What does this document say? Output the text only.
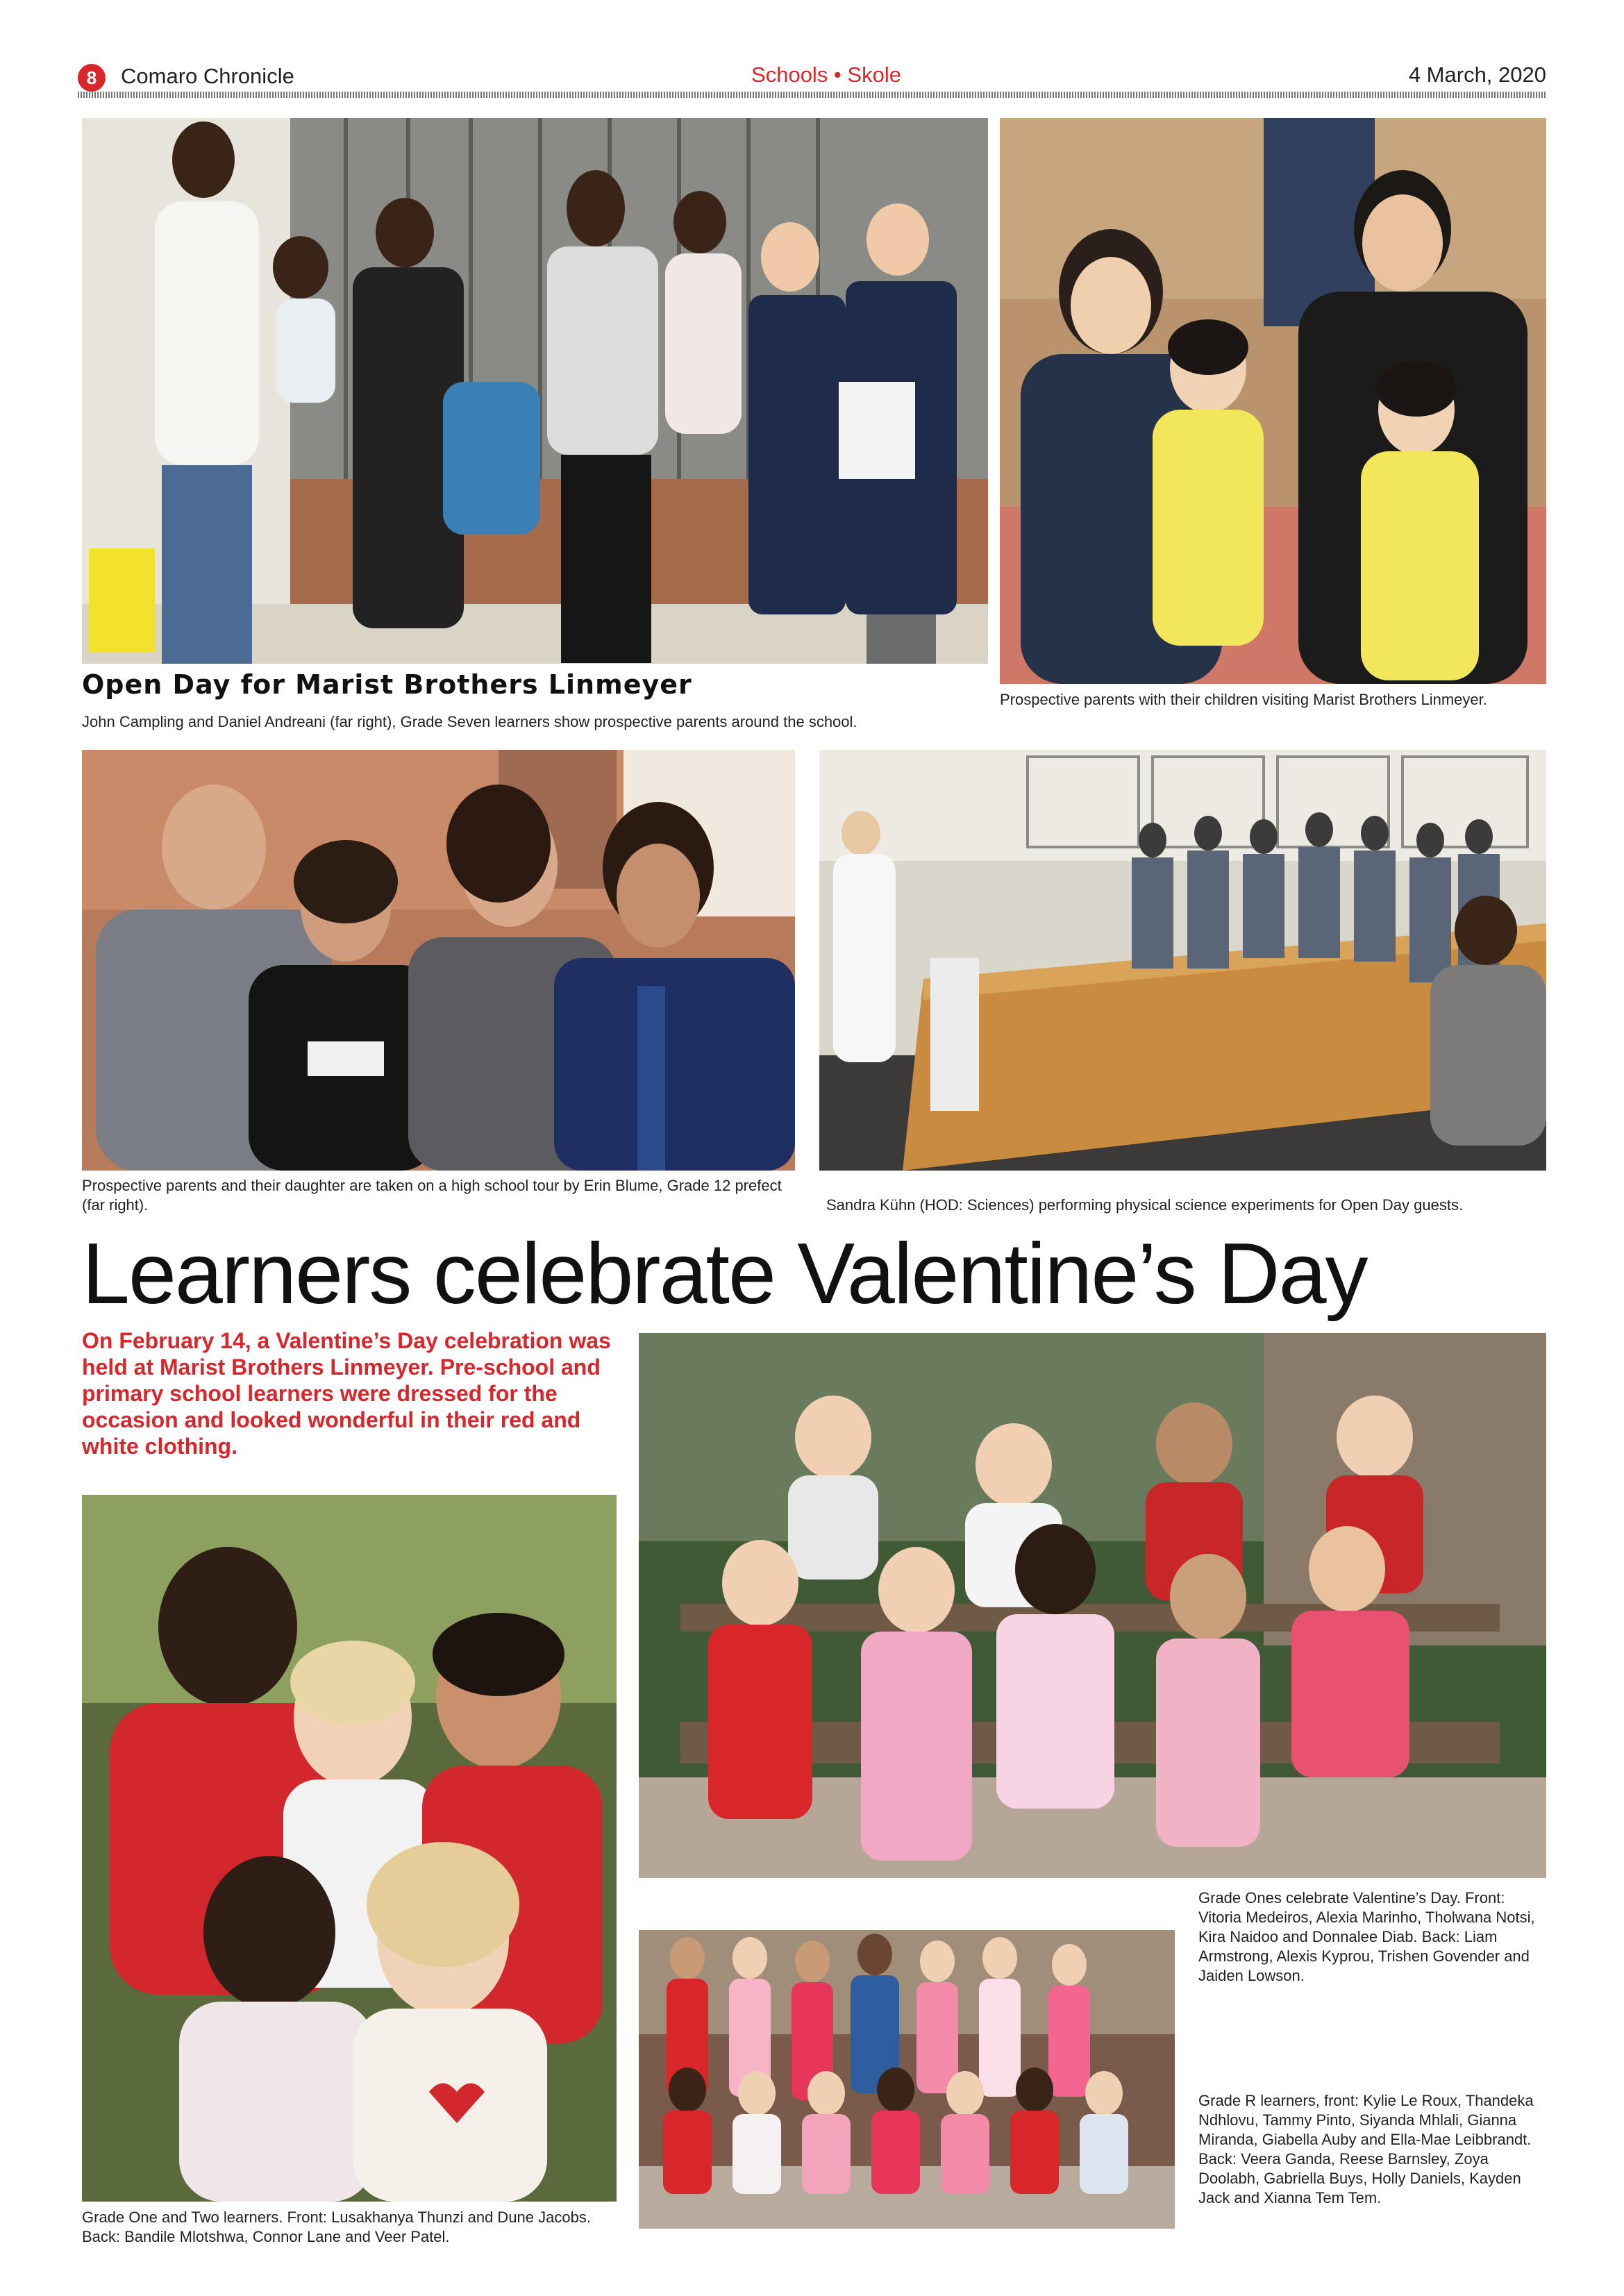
8	Comaro Chronicle	Schools • Skole	4 March, 2020
Open Day for Marist Brothers Linmeyer
John Campling and Daniel Andreani (far right), Grade Seven learners show prospective parents around the school.
Prospective parents with their children visiting Marist Brothers Linmeyer.
Prospective parents and their daughter are taken on a high school tour by Erin Blume, Grade 12 prefect (far right).	Sandra Kühn (HOD: Sciences) performing physical science experiments for Open Day guests.
Learners celebrate Valentine’s Day
On February 14, a Valentine’s Day celebration was held at Marist Brothers Linmeyer. Pre-school and primary school learners were dressed for the occasion and looked wonderful in their red and white clothing.
Grade Ones celebrate Valentine’s Day. Front: Vitoria Medeiros, Alexia Marinho, Tholwana Notsi, Kira Naidoo and Donnalee Diab. Back: Liam Armstrong, Alexis Kyprou, Trishen Govender and Jaiden Lowson.
Grade One and Two learners. Front: Lusakhanya Thunzi and Dune Jacobs. Back: Bandile Mlotshwa, Connor Lane and Veer Patel.
Grade R learners, front: Kylie Le Roux, Thandeka Ndhlovu, Tammy Pinto, Siyanda Mhlali, Gianna Miranda, Giabella Auby and Ella-Mae Leibbrandt. Back: Veera Ganda, Reese Barnsley, Zoya Doolabh, Gabriella Buys, Holly Daniels, Kayden Jack and Xianna Tem Tem.
